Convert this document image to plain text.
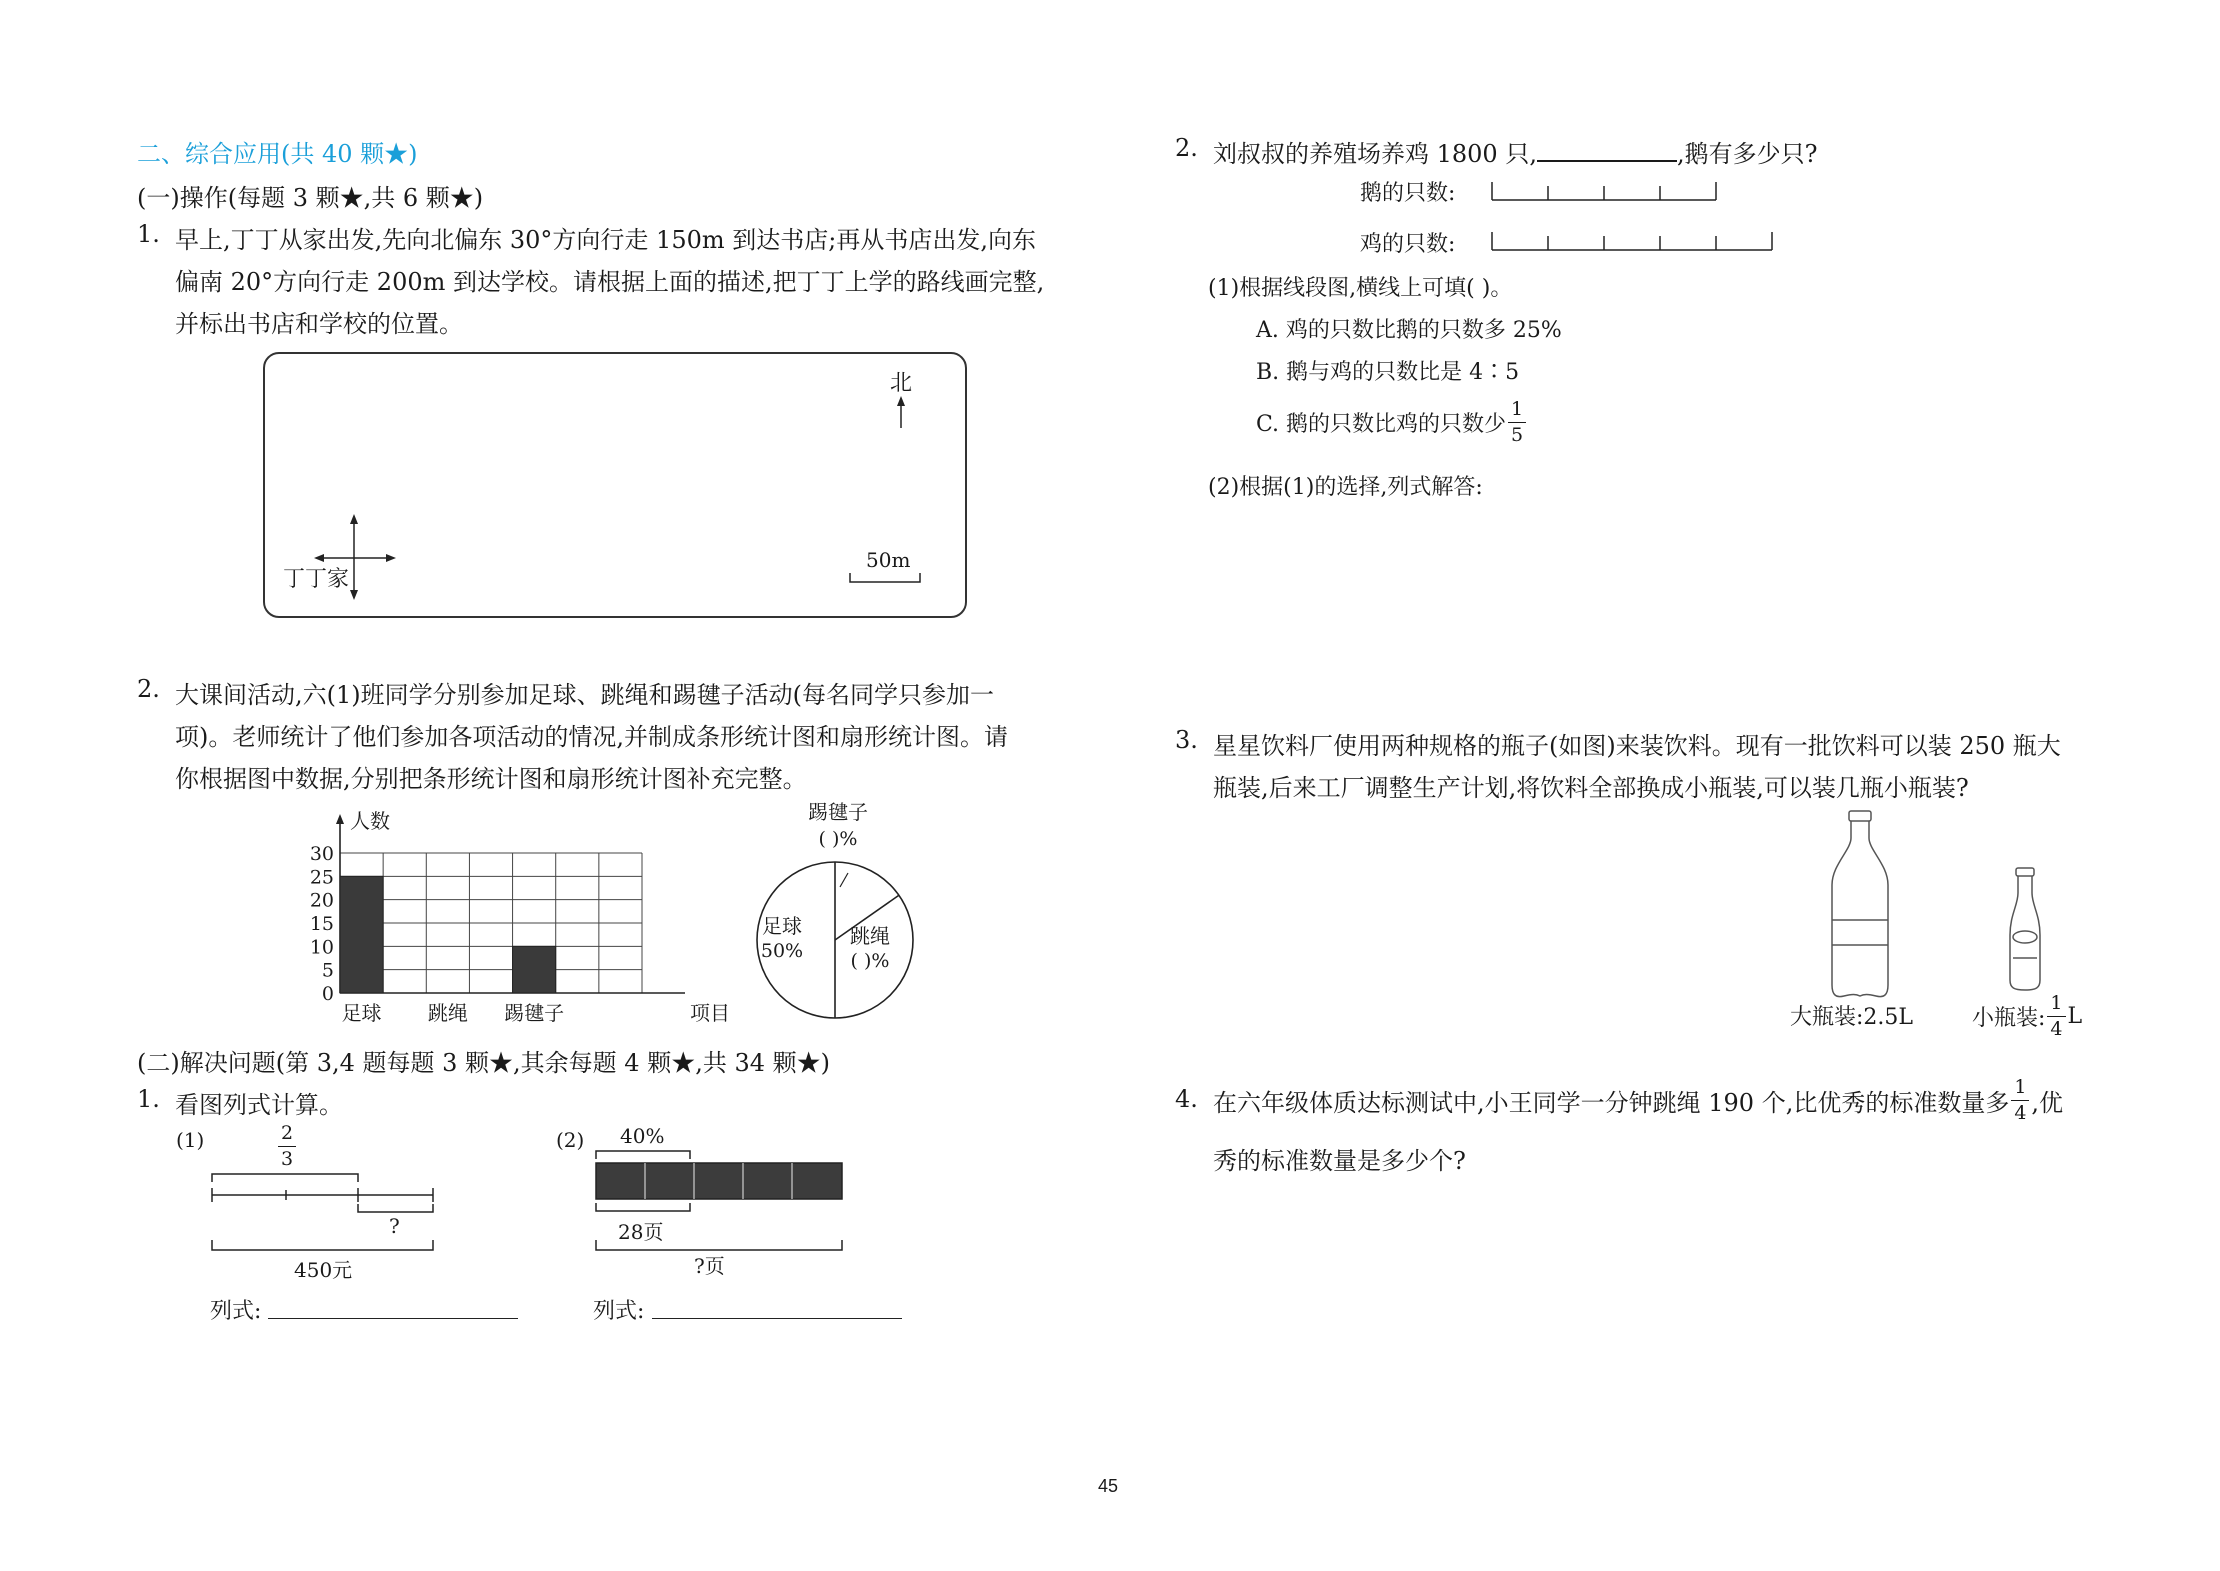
二、综合应用(共 40 颗★)
(一)操作(每题 3 颗★,共 6 颗★)
1. 早上,丁丁从家出发,先向北偏东 30°方向行走 150m 到达书店;再从书店出发,向东
偏南 20°方向行走 200m 到达学校。请根据上面的描述,把丁丁上学的路线画完整,
并标出书店和学校的位置。
北
丁丁家
50m
2. 大课间活动,六(1)班同学分别参加足球、跳绳和踢毽子活动(每名同学只参加一
项)。老师统计了他们参加各项活动的情况,并制成条形统计图和扇形统计图。请
你根据图中数据,分别把条形统计图和扇形统计图补充完整。
0
5
10
15
20
25
30
人数
项目
足球 跳绳 踢毽子
踢毽子
( )%
足球
50%
跳绳
( )%
(二)解决问题(第 3,4 题每题 3 颗★,其余每题 4 颗★,共 34 颗★)
1. 看图列式计算。
(1)	$\frac{2}{3}$
?
450元
列式:
(2) 40%
28页
?页
列式:
2. 刘叔叔的养殖场养鸡 1800 只,	,鹅有多少只?
鹅的只数:
鸡的只数:
(1)根据线段图,横线上可填( )。
A. 鸡的只数比鹅的只数多 25%
B. 鹅与鸡的只数比是 4∶5
C. 鹅的只数比鸡的只数少 $\frac{1}{5}$
(2)根据(1)的选择,列式解答:
3. 星星饮料厂使用两种规格的瓶子(如图)来装饮料。现有一批饮料可以装 250 瓶大
瓶装,后来工厂调整生产计划,将饮料全部换成小瓶装,可以装几瓶小瓶装?
大瓶装:2.5L	小瓶装: $\frac{1}{4}$ L
4. 在六年级体质达标测试中,小王同学一分钟跳绳 190 个,比优秀的标准数量多 $\frac{1}{4}$ ,优
秀的标准数量是多少个?
45
